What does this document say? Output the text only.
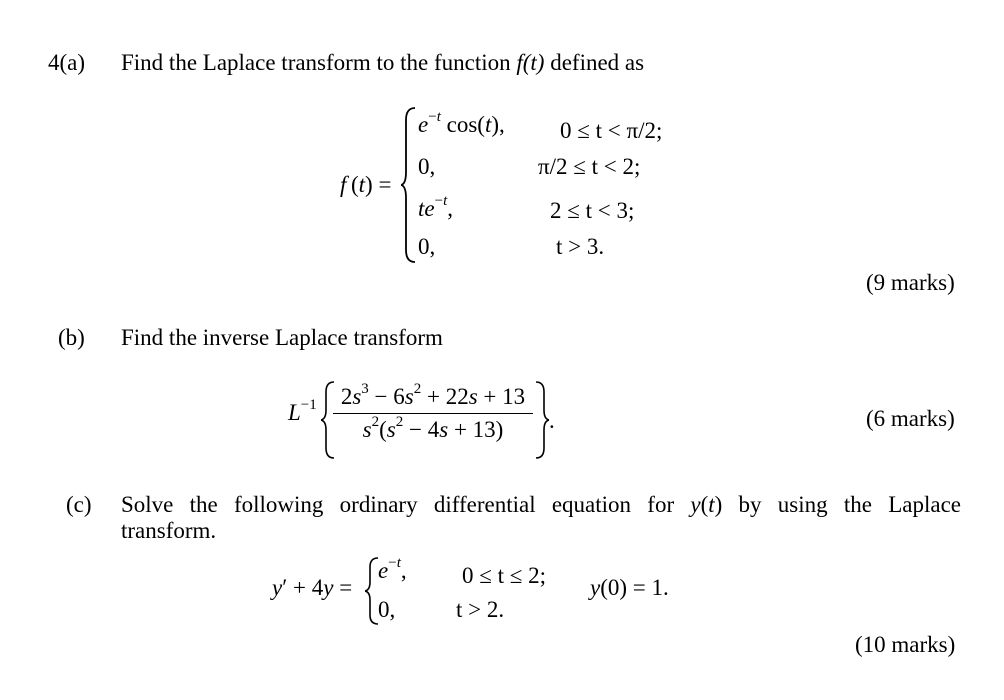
4(a) Find the Laplace transform to the function f(t) defined as
f (t) =
$e^{-t}$ cos(t), 0 ≤ t < π/2;
0,	π/2 ≤ t < 2;
$te^{-t}$,	2 ≤ t < 3;
0,	t > 3.
(9 marks)
(b) Find the inverse Laplace transform
$L^{-1}$	$2s^3 - 6s^2 + 22s + 13$
$s^2(s^2 - 4s + 13)$	.	(6 marks)
(c) Solve the following ordinary differential equation for y(t) by using the Laplace
transform.
y′ + 4y =
$e^{-t}$, 0 ≤ t ≤ 2;
0,	t > 2.
y(0) = 1.
(10 marks)
